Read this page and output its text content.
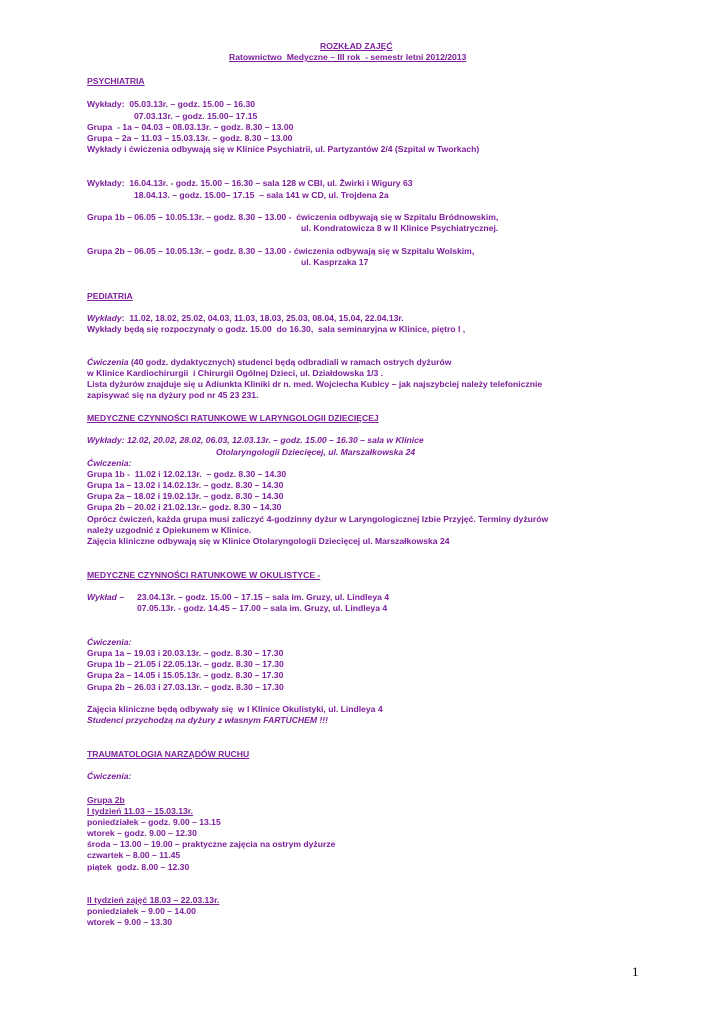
ROZKŁAD ZAJĘĆ
Ratownictwo  Medyczne – III rok  - semestr letni 2012/2013
PSYCHIATRIA
Wykłady:  05.03.13r. – godz. 15.00 – 16.30
07.03.13r. – godz. 15.00– 17.15
Grupa  - 1a – 04.03 – 08.03.13r. – godz. 8.30 – 13.00
Grupa – 2a – 11.03 – 15.03.13r. – godz. 8.30 – 13.00
Wykłady i ćwiczenia odbywają się w Klinice Psychiatrii, ul. Partyzantów 2/4 (Szpital w Tworkach)
Wykłady:  16.04.13r. - godz. 15.00 – 16.30 – sala 128 w CBI, ul. Żwirki i Wigury 63
18.04.13. – godz. 15.00– 17.15  – sala 141 w CD, ul. Trojdena 2a
Grupa 1b – 06.05 – 10.05.13r. – godz. 8.30 – 13.00 -  ćwiczenia odbywają się w Szpitalu Bródnowskim,
ul. Kondratowicza 8 w II Klinice Psychiatrycznej.
Grupa 2b – 06.05 – 10.05.13r. – godz. 8.30 – 13.00 - ćwiczenia odbywają się w Szpitalu Wolskim,
ul. Kasprzaka 17
PEDIATRIA
Wykłady:  11.02, 18.02, 25.02, 04.03, 11.03, 18.03, 25.03, 08.04, 15.04, 22.04.13r.
Wykłady będą się rozpoczynały o godz. 15.00  do 16.30,  sala seminaryjna w Klinice, piętro I ,
Ćwiczenia (40 godz. dydaktycznych) studenci będą odbradiali w ramach ostrych dyżurów
w Klinice Kardiochirurgii  i Chirurgii Ogólnej Dzieci, ul. Działdowska 1/3 .
Lista dyżurów znajduje się u Adiunkta Kliniki dr n. med. Wojciecha Kubicy – jak najszybciej należy telefonicznie
zapisywać się na dyżury pod nr 45 23 231.
MEDYCZNE CZYNNOŚCI RATUNKOWE W LARYNGOLOGII DZIECIĘCEJ
Wykłady: 12.02, 20.02, 28.02, 06.03, 12.03.13r. – godz. 15.00 – 16.30 – sala w Klinice
Otolaryngologii Dziecięcej, ul. Marszałkowska 24
Ćwiczenia:
Grupa 1b -  11.02 i 12.02.13r.  – godz. 8.30 – 14.30
Grupa 1a – 13.02 i 14.02.13r. – godz. 8.30 – 14.30
Grupa 2a – 18.02 i 19.02.13r. – godz. 8.30 – 14.30
Grupa 2b – 20.02 i 21.02.13r.– godz. 8.30 – 14.30
Oprócz ćwiczeń, każda grupa musi zaliczyć 4-godzinny dyżur w Laryngologicznej Izbie Przyjęć. Terminy dyżurów
należy uzgodnić z Opiekunem w Klinice.
Zajęcia kliniczne odbywają się w Klinice Otolaryngologii Dziecięcej ul. Marszałkowska 24
MEDYCZNE CZYNNOŚCI RATUNKOWE W OKULISTYCE -
Wykład – 23.04.13r. – godz. 15.00 – 17.15 – sala im. Gruzy, ul. Lindleya 4
07.05.13r. - godz. 14.45 – 17.00 – sala im. Gruzy, ul. Lindleya 4
Ćwiczenia:
Grupa 1a – 19.03 i 20.03.13r. – godz. 8.30 – 17.30
Grupa 1b – 21.05 i 22.05.13r. – godz. 8.30 – 17.30
Grupa 2a – 14.05 i 15.05.13r. – godz. 8.30 – 17.30
Grupa 2b – 26.03 i 27.03.13r. – godz. 8.30 – 17.30
Zajęcia kliniczne będą odbywały się  w I Klinice Okulistyki, ul. Lindleya 4
Studenci przychodzą na dyżury z własnym FARTUCHEM !!!
TRAUMATOLOGIA NARZĄDÓW RUCHU
Ćwiczenia:
Grupa 2b
I tydzień 11.03 – 15.03.13r.
poniedziałek – godz. 9.00 – 13.15
wtorek – godz. 9.00 – 12.30
środa – 13.00 – 19.00 – praktyczne zajęcia na ostrym dyżurze
czwartek – 8.00 – 11.45
piątek  godz. 8.00 – 12.30
II tydzień zajęć 18.03 – 22.03.13r.
poniedziałek – 9.00 – 14.00
wtorek – 9.00 – 13.30
1
